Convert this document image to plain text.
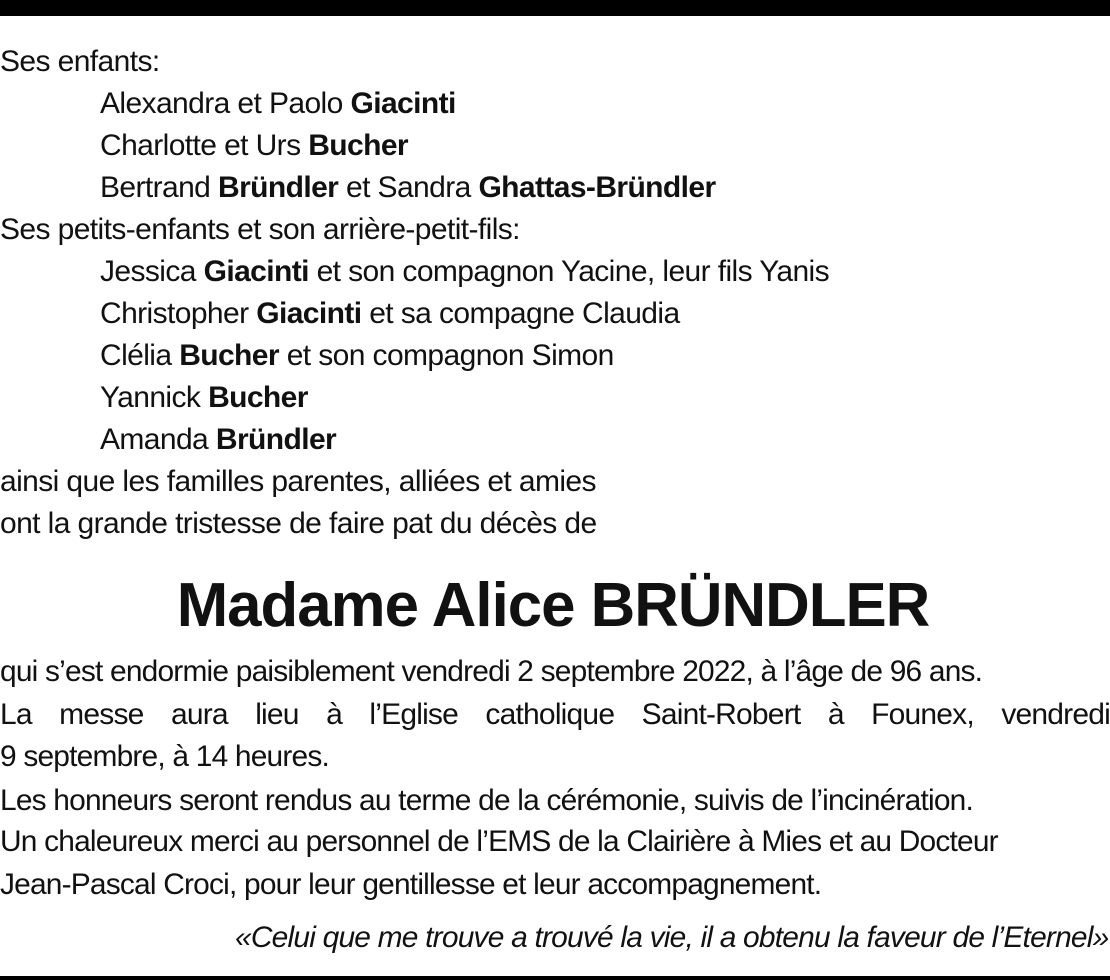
Ses enfants:
Alexandra et Paolo Giacinti
Charlotte et Urs Bucher
Bertrand Bründler et Sandra Ghattas-Bründler
Ses petits-enfants et son arrière-petit-fils:
Jessica Giacinti et son compagnon Yacine, leur fils Yanis
Christopher Giacinti et sa compagne Claudia
Clélia Bucher et son compagnon Simon
Yannick Bucher
Amanda Bründler
ainsi que les familles parentes, alliées et amies
ont la grande tristesse de faire pat du décès de
Madame Alice BRÜNDLER
qui s’est endormie paisiblement vendredi 2 septembre 2022, à l’âge de 96 ans.
La messe aura lieu à l’Eglise catholique Saint-Robert à Founex, vendredi
9 septembre, à 14 heures.
Les honneurs seront rendus au terme de la cérémonie, suivis de l’incinération.
Un chaleureux merci au personnel de l’EMS de la Clairière à Mies et au Docteur
Jean-Pascal Croci, pour leur gentillesse et leur accompagnement.
«Celui que me trouve a trouvé la vie, il a obtenu la faveur de l’Eternel»
